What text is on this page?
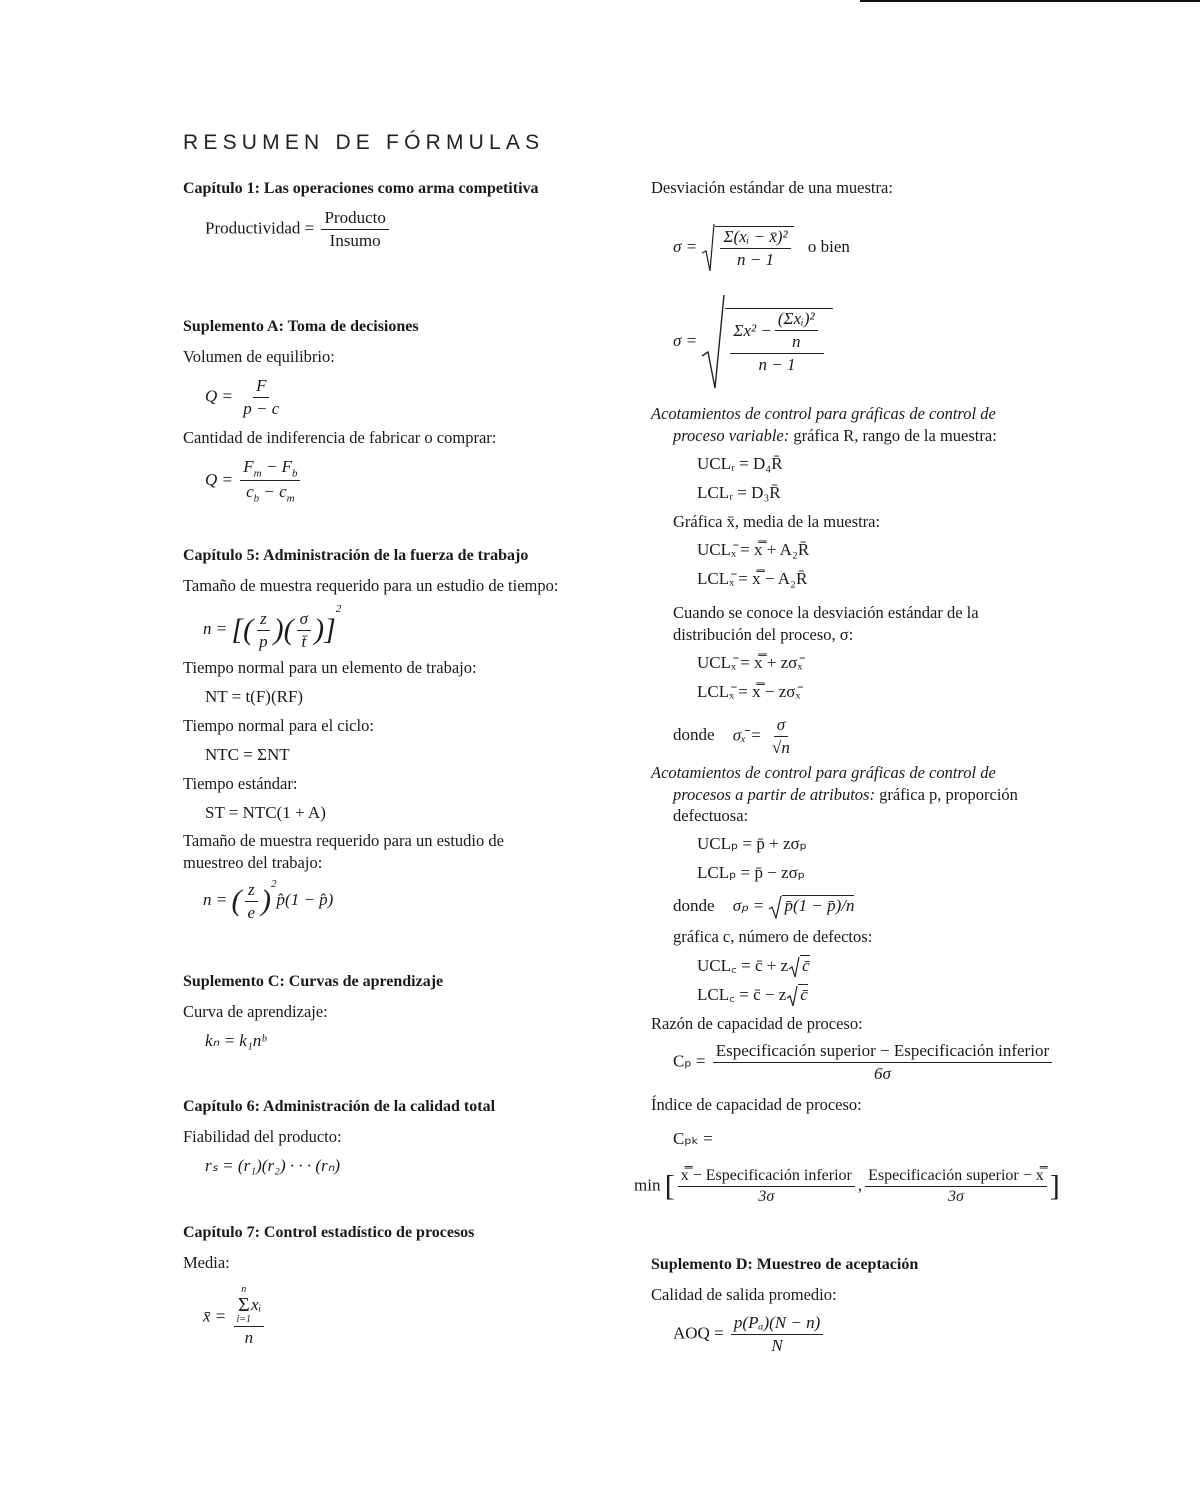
RESUMEN DE FÓRMULAS
Capítulo 1: Las operaciones como arma competitiva
Productividad = $\frac{\text{Producto}}{\text{Insumo}}$
Suplemento A: Toma de decisiones
Volumen de equilibrio:
$Q = \frac{F}{p - c}$
Cantidad de indiferencia de fabricar o comprar:
$Q = \frac{F_m - F_b}{c_b - c_m}$
Capítulo 5: Administración de la fuerza de trabajo
Tamaño de muestra requerido para un estudio de tiempo:
n = [( $\frac{z}{p}$ )( $\frac{\sigma}{t̄} )]^2$
Tiempo normal para un elemento de trabajo:
NT = t(F)(RF)
Tiempo normal para el ciclo:
NTC = ΣNT
Tiempo estándar:
ST = NTC(1 + A)
Tamaño de muestra requerido para un estudio de
muestreo del trabajo:
n = ( $\frac{z}{e}$ )$^2$p̂(1 − p̂)
Suplemento C: Curvas de aprendizaje
Curva de aprendizaje:
kₙ = k₁nᵇ
Capítulo 6: Administración de la calidad total
Fiabilidad del producto:
rₛ = (r₁)(r₂) · · · (rₙ)
Capítulo 7: Control estadístico de procesos
Media:
x̄ = n
Σ
i=1
xᵢ
n
Desviación estándar de una muestra:
$\sigma = \frac{\text{Σ(xᵢ − x̄)²}}{n - 1}$ o bien
$\sigma = \frac{\Sigma x^2 - \frac{\text{(Σxᵢ)²}}{n}}{n - 1}$
Acotamientos de control para gráficas de control de
proceso variable: gráfica R, rango de la muestra:
UCLᵣ = D₄R̄
LCLᵣ = D₃R̄
Gráfica x̄, media de la muestra:
UCLₓ̄ = x̿ + A₂R̄
LCLₓ̄ = x̿ − A₂R̄
Cuando se conoce la desviación estándar de la
distribución del proceso, σ:
UCLₓ̄ = x̿ + zσₓ̄
LCLₓ̄ = x̿ − zσₓ̄
donde σₓ̄ = $\frac{\sigma}{√n}$
Acotamientos de control para gráficas de control de
procesos a partir de atributos: gráfica p, proporción
defectuosa:
UCLₚ = p̄ + zσₚ
LCLₚ = p̄ − zσₚ
donde σₚ = p̄(1 − p̄)/n
gráfica c, número de defectos:
UCL꜀ = c̄ + z c̄
LCL꜀ = c̄ − z c̄
Razón de capacidad de proceso:
$C_p = \frac{\text{Especificación superior − Especificación inferior}}{6\sigma}$
Índice de capacidad de proceso:
Cₚₖ =
min [ $\frac{\text{x̿ − Especificación inferior}}{3\sigma}$ , $\frac{\text{Especificación superior − x̿}}{3\sigma}$ ]
Suplemento D: Muestreo de aceptación
Calidad de salida promedio:
AOQ = $\frac{\text{p(Pₐ)(N − n)}}{N}$
